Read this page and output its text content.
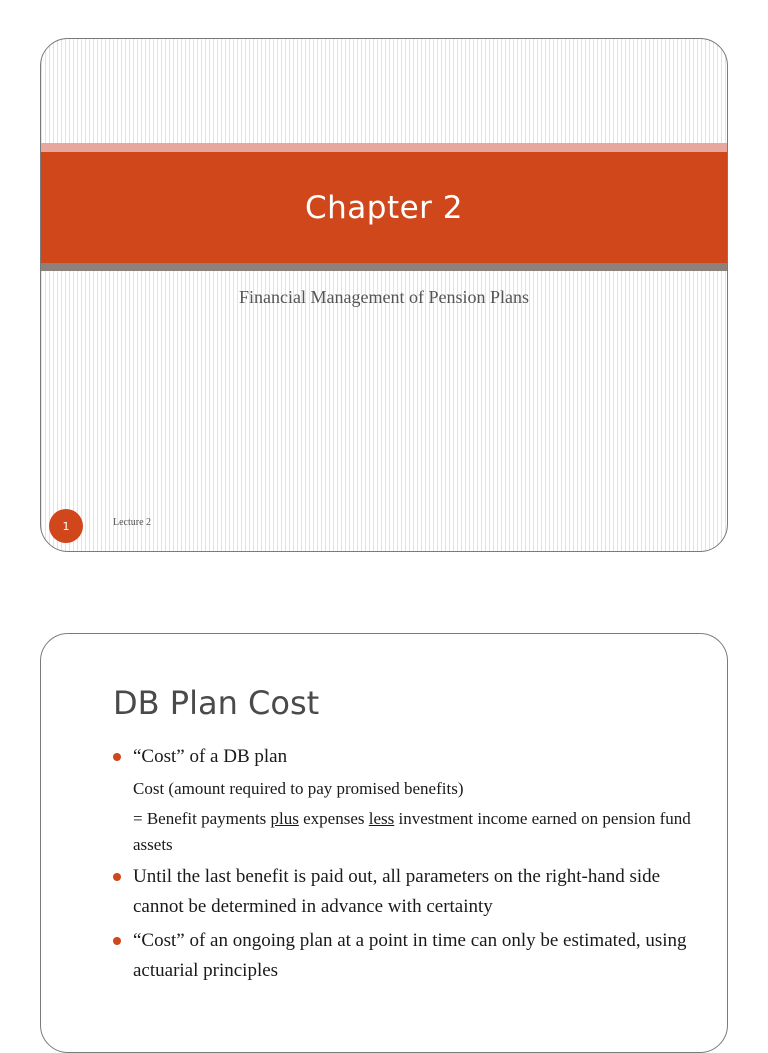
Chapter 2
Financial Management of Pension Plans
1	Lecture 2
DB Plan Cost
“Cost” of a DB plan
Cost (amount required to pay promised benefits)
= Benefit payments plus expenses less investment income earned on pension fund assets
Until the last benefit is paid out, all parameters on the right-hand side cannot be determined in advance with certainty
“Cost” of an ongoing plan at a point in time can only be estimated, using actuarial principles
